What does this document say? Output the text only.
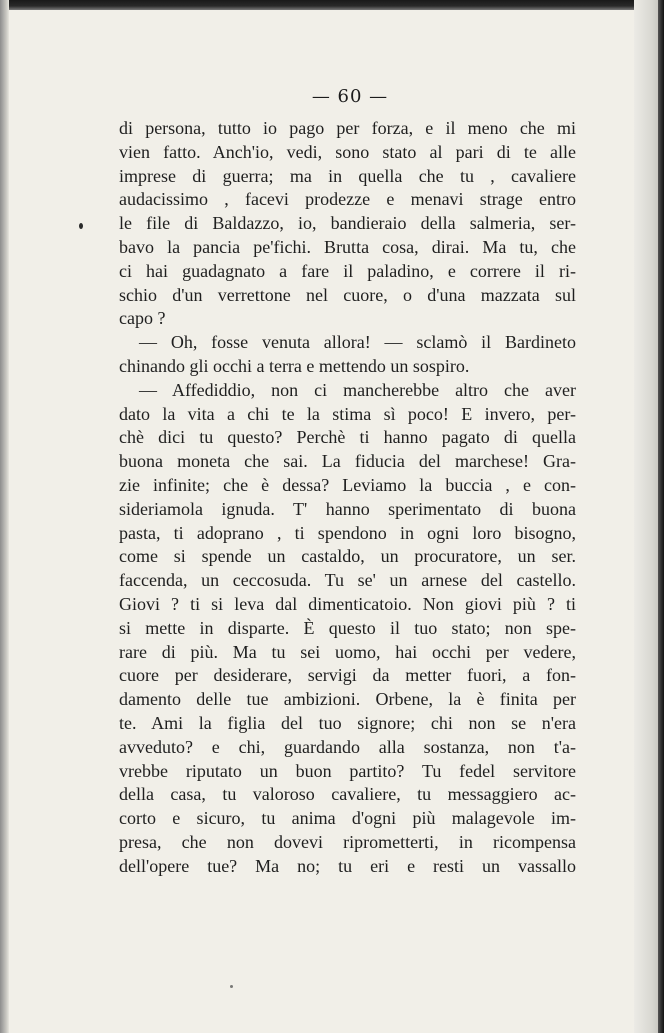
— 60 —
di persona, tutto io pago per forza, e il meno che mi
vien fatto. Anch'io, vedi, sono stato al pari di te alle
imprese di guerra; ma in quella che tu , cavaliere
audacissimo , facevi prodezze e menavi strage entro
le file di Baldazzo, io, bandieraio della salmeria, ser-
bavo la pancia pe'fichi. Brutta cosa, dirai. Ma tu, che
ci hai guadagnato a fare il paladino, e correre il ri-
schio d'un verrettone nel cuore, o d'una mazzata sul
capo ?
— Oh, fosse venuta allora! — sclamò il Bardineto
chinando gli occhi a terra e mettendo un sospiro.
— Affediddio, non ci mancherebbe altro che aver
dato la vita a chi te la stima sì poco! E invero, per-
chè dici tu questo? Perchè ti hanno pagato di quella
buona moneta che sai. La fiducia del marchese! Gra-
zie infinite; che è dessa? Leviamo la buccia , e con-
sideriamola ignuda. T' hanno sperimentato di buona
pasta, ti adoprano , ti spendono in ogni loro bisogno,
come si spende un castaldo, un procuratore, un ser.
faccenda, un ceccosuda. Tu se' un arnese del castello.
Giovi ? ti si leva dal dimenticatoio. Non giovi più ? ti
si mette in disparte. È questo il tuo stato; non spe-
rare di più. Ma tu sei uomo, hai occhi per vedere,
cuore per desiderare, servigi da metter fuori, a fon-
damento delle tue ambizioni. Orbene, la è finita per
te. Ami la figlia del tuo signore; chi non se n'era
avveduto? e chi, guardando alla sostanza, non t'a-
vrebbe riputato un buon partito? Tu fedel servitore
della casa, tu valoroso cavaliere, tu messaggiero ac-
corto e sicuro, tu anima d'ogni più malagevole im-
presa, che non dovevi riprometterti, in ricompensa
dell'opere tue? Ma no; tu eri e resti un vassallo
